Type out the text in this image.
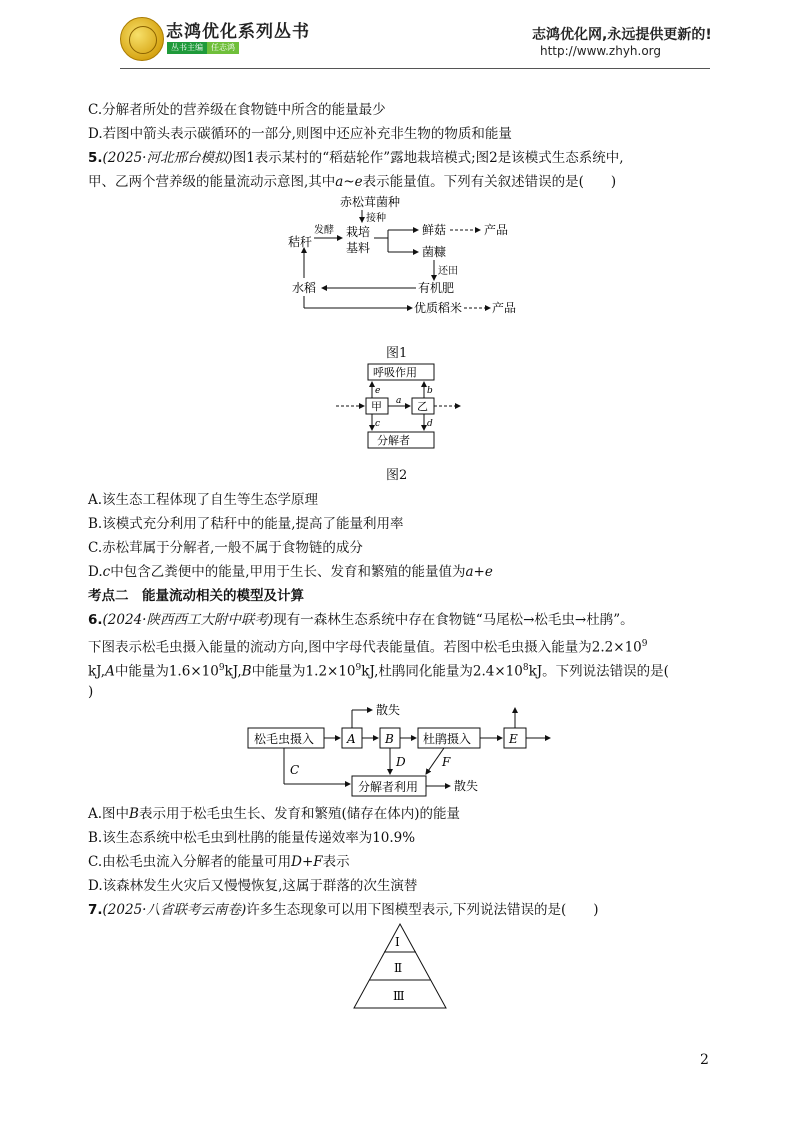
志鸿优化系列丛书
丛书主编	任志鸿
志鸿优化网,永远提供更新的!
http://www.zhyh.org
C.分解者所处的营养级在食物链中所含的能量最少
D.若图中箭头表示碳循环的一部分,则图中还应补充非生物的物质和能量
5.(2025·河北邢台模拟)图1表示某村的“稻菇轮作”露地栽培模式;图2是该模式生态系统中,
甲、乙两个营养级的能量流动示意图,其中a~e表示能量值。下列有关叙述错误的是(　　)
赤松茸菌种
接种
发酵
秸秆
栽培
基料
鲜菇	产品
菌糠
还田
水稻	有机肥
优质稻米 产品
图1
呼吸作用
甲	乙
分解者
a
e	b
c	d
图2
A.该生态工程体现了自生等生态学原理
B.该模式充分利用了秸秆中的能量,提高了能量利用率
C.赤松茸属于分解者,一般不属于食物链的成分
D.c中包含乙粪便中的能量,甲用于生长、发育和繁殖的能量值为a+e
考点二　能量流动相关的模型及计算
6.(2024·陕西西工大附中联考)现有一森林生态系统中存在食物链“马尾松→松毛虫→杜鹃”。
下图表示松毛虫摄入能量的流动方向,图中字母代表能量值。若图中松毛虫摄入能量为$2.2\times 10^9$
kJ,A中能量为$1.6\times 10^9kJ,B$中能量为$1.2\times 10^9kJ$,杜鹃同化能量为$2.4\times 10^8kJ$。下列说法错误的是(
)
松毛虫摄入	A
散失
B 杜鹃摄入	E
C
D	F
分解者利用	散失
A.图中B表示用于松毛虫生长、发育和繁殖(储存在体内)的能量
B.该生态系统中松毛虫到杜鹃的能量传递效率为10.9%
C.由松毛虫流入分解者的能量可用D+F表示
D.该森林发生火灾后又慢慢恢复,这属于群落的次生演替
7.(2025·八省联考云南卷)许多生态现象可以用下图模型表示,下列说法错误的是(　　)
Ⅰ
Ⅱ
Ⅲ
2
